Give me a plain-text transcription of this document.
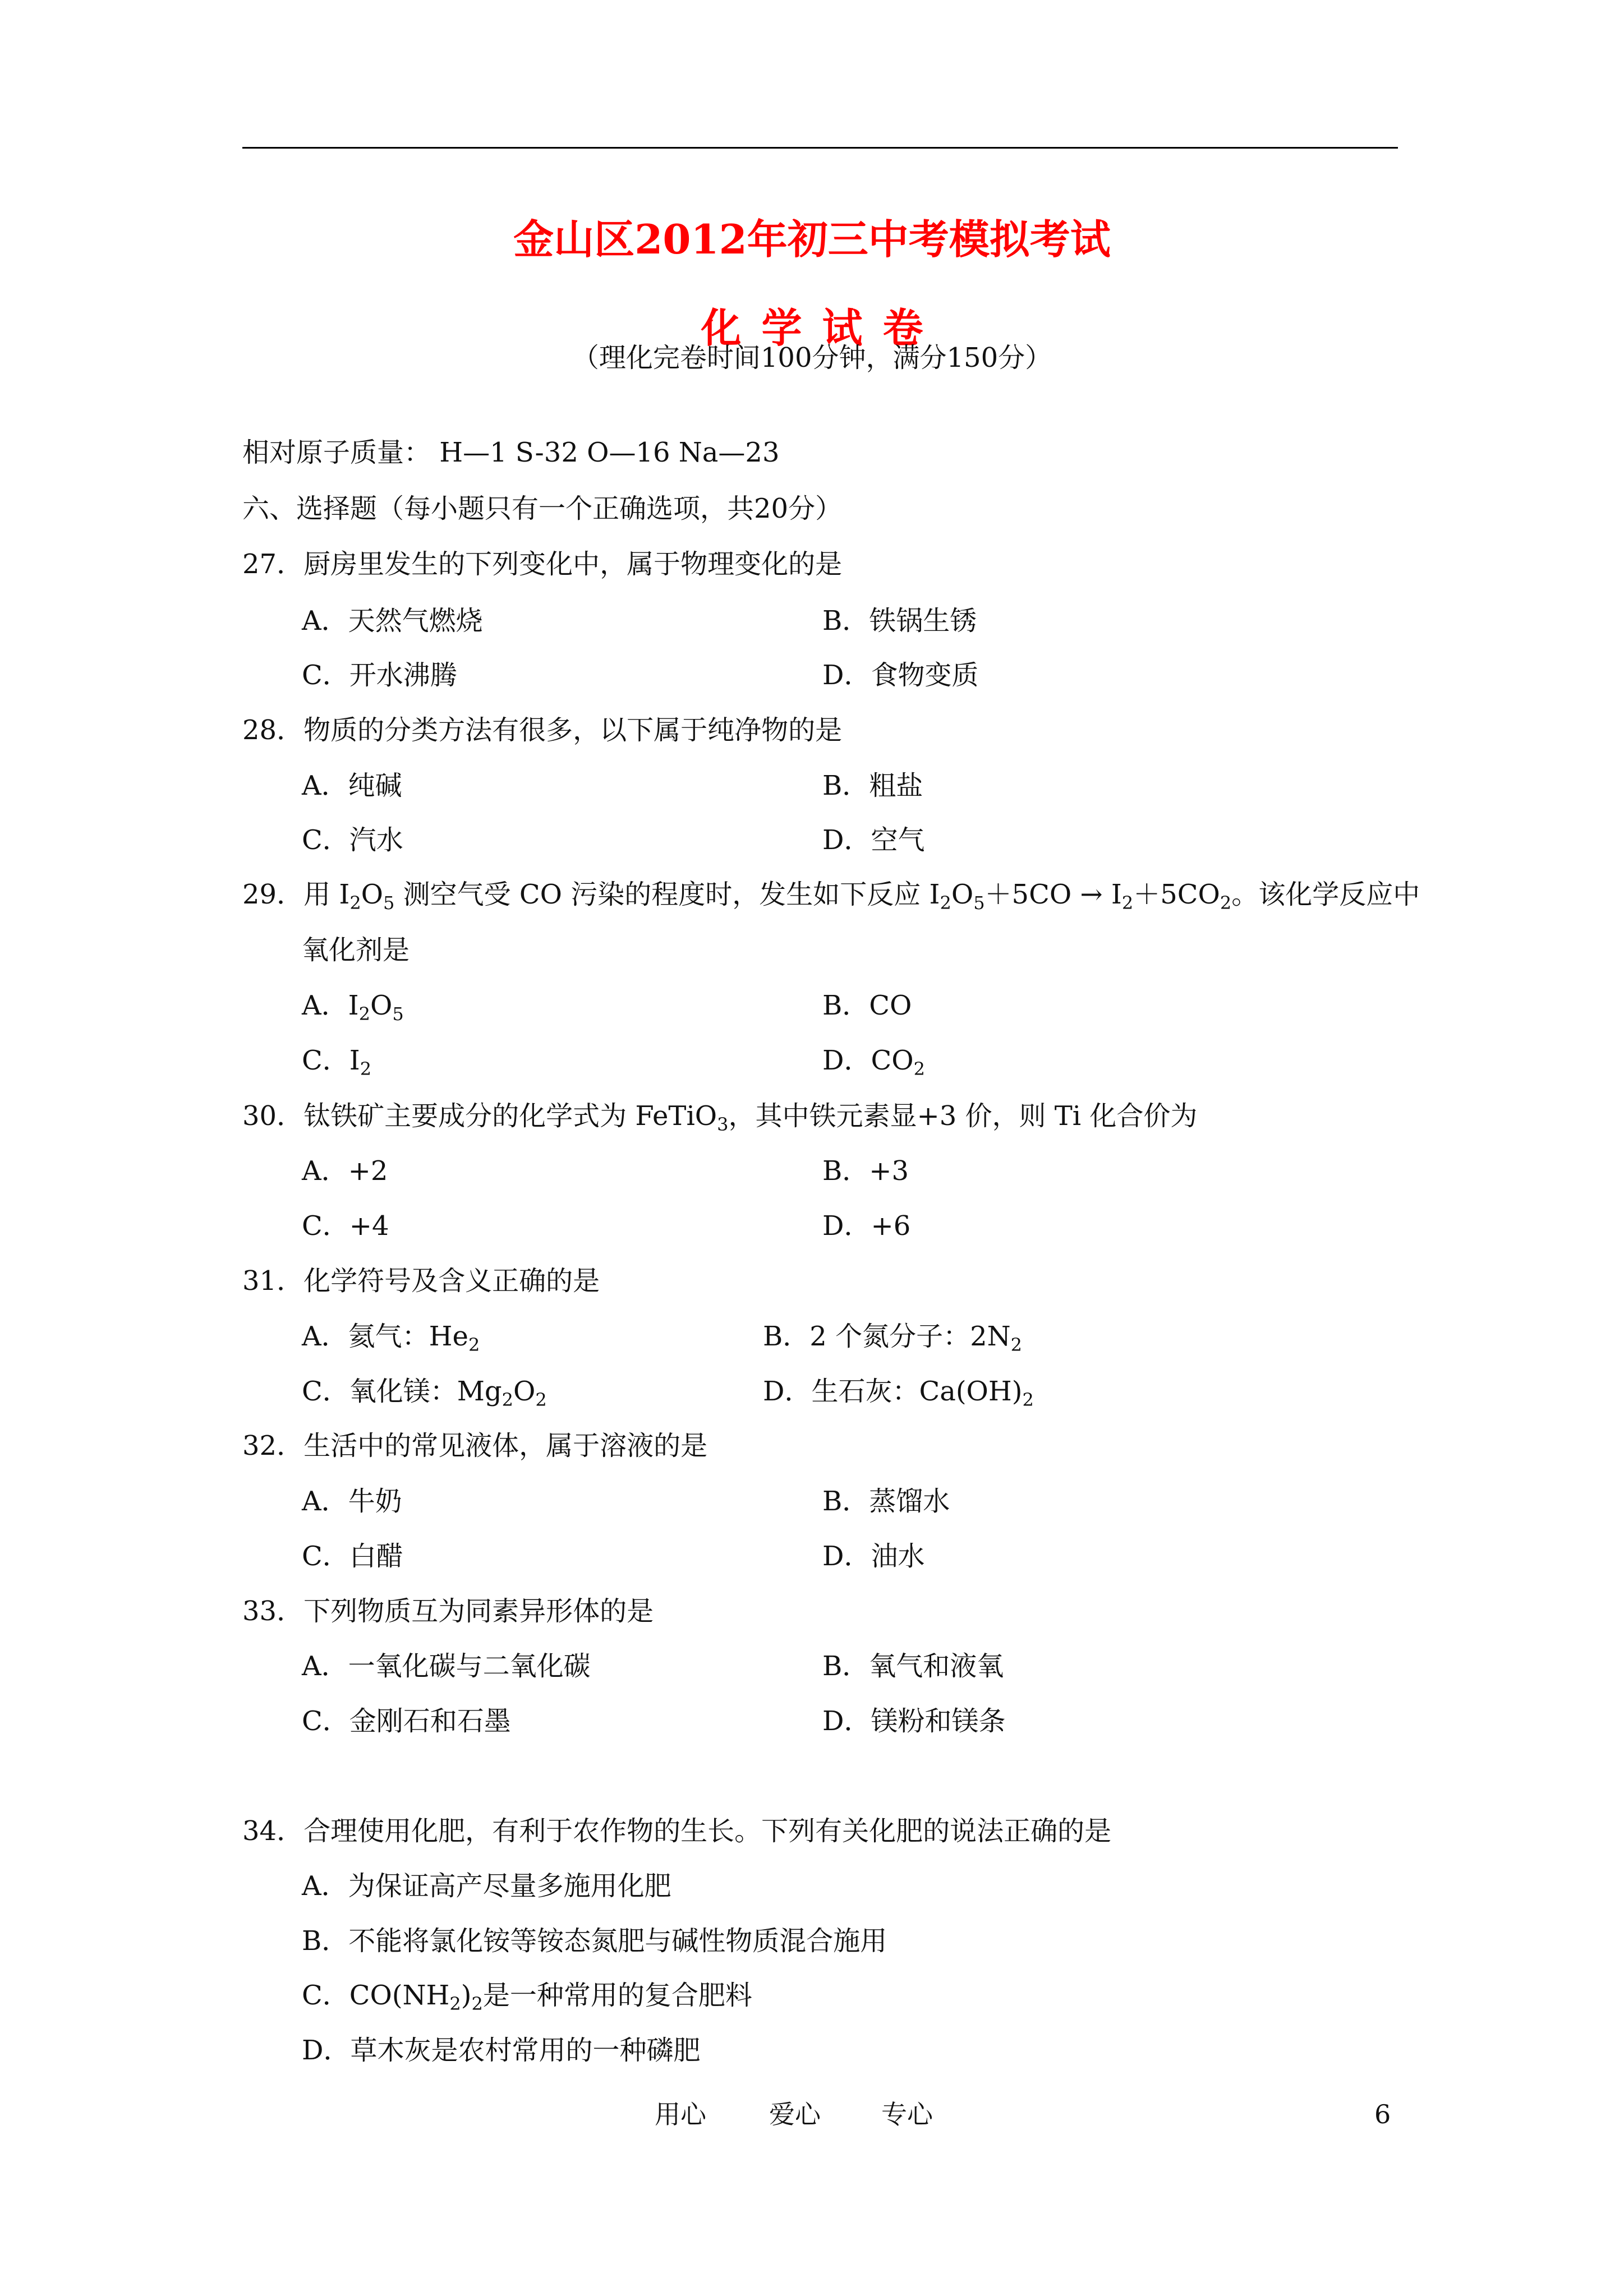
金山区2012年初三中考模拟考试
化学试卷
（理化完卷时间100分钟，满分150分）
相对原子质量： H—1 S-32 O—16 Na—23
六、选择题（每小题只有一个正确选项，共20分）
27．厨房里发生的下列变化中，属于物理变化的是
A．天然气燃烧	B．铁锅生锈
C．开水沸腾	D．食物变质
28．物质的分类方法有很多，以下属于纯净物的是
A．纯碱	B．粗盐
C．汽水	D．空气
29．用 $I_2O_5$ 测空气受 CO 污染的程度时，发生如下反应 $I_2O_5+5CO \to I_2+5CO_2$。该化学反应中
氧化剂是
A．$I_2O_5$	B．CO
C．$I_2$	D．$CO_2$
30．钛铁矿主要成分的化学式为 FeTiO$_3$，其中铁元素显+3 价，则 Ti 化合价为
A．+2	B．+3
C．+4	D．+6
31．化学符号及含义正确的是
A．氦气：$He_2$	B．2 个氮分子：$2N_2$
C．氧化镁：$Mg_2O_2$	D．生石灰：$Ca(OH)_2$
32．生活中的常见液体，属于溶液的是
A．牛奶	B．蒸馏水
C．白醋	D．油水
33．下列物质互为同素异形体的是
A．一氧化碳与二氧化碳	B．氧气和液氧
C．金刚石和石墨	D．镁粉和镁条
34．合理使用化肥，有利于农作物的生长。下列有关化肥的说法正确的是
A．为保证高产尽量多施用化肥
B．不能将氯化铵等铵态氮肥与碱性物质混合施用
C．$CO(NH_2)_2$是一种常用的复合肥料
D．草木灰是农村常用的一种磷肥
用心 爱心 专心	6
